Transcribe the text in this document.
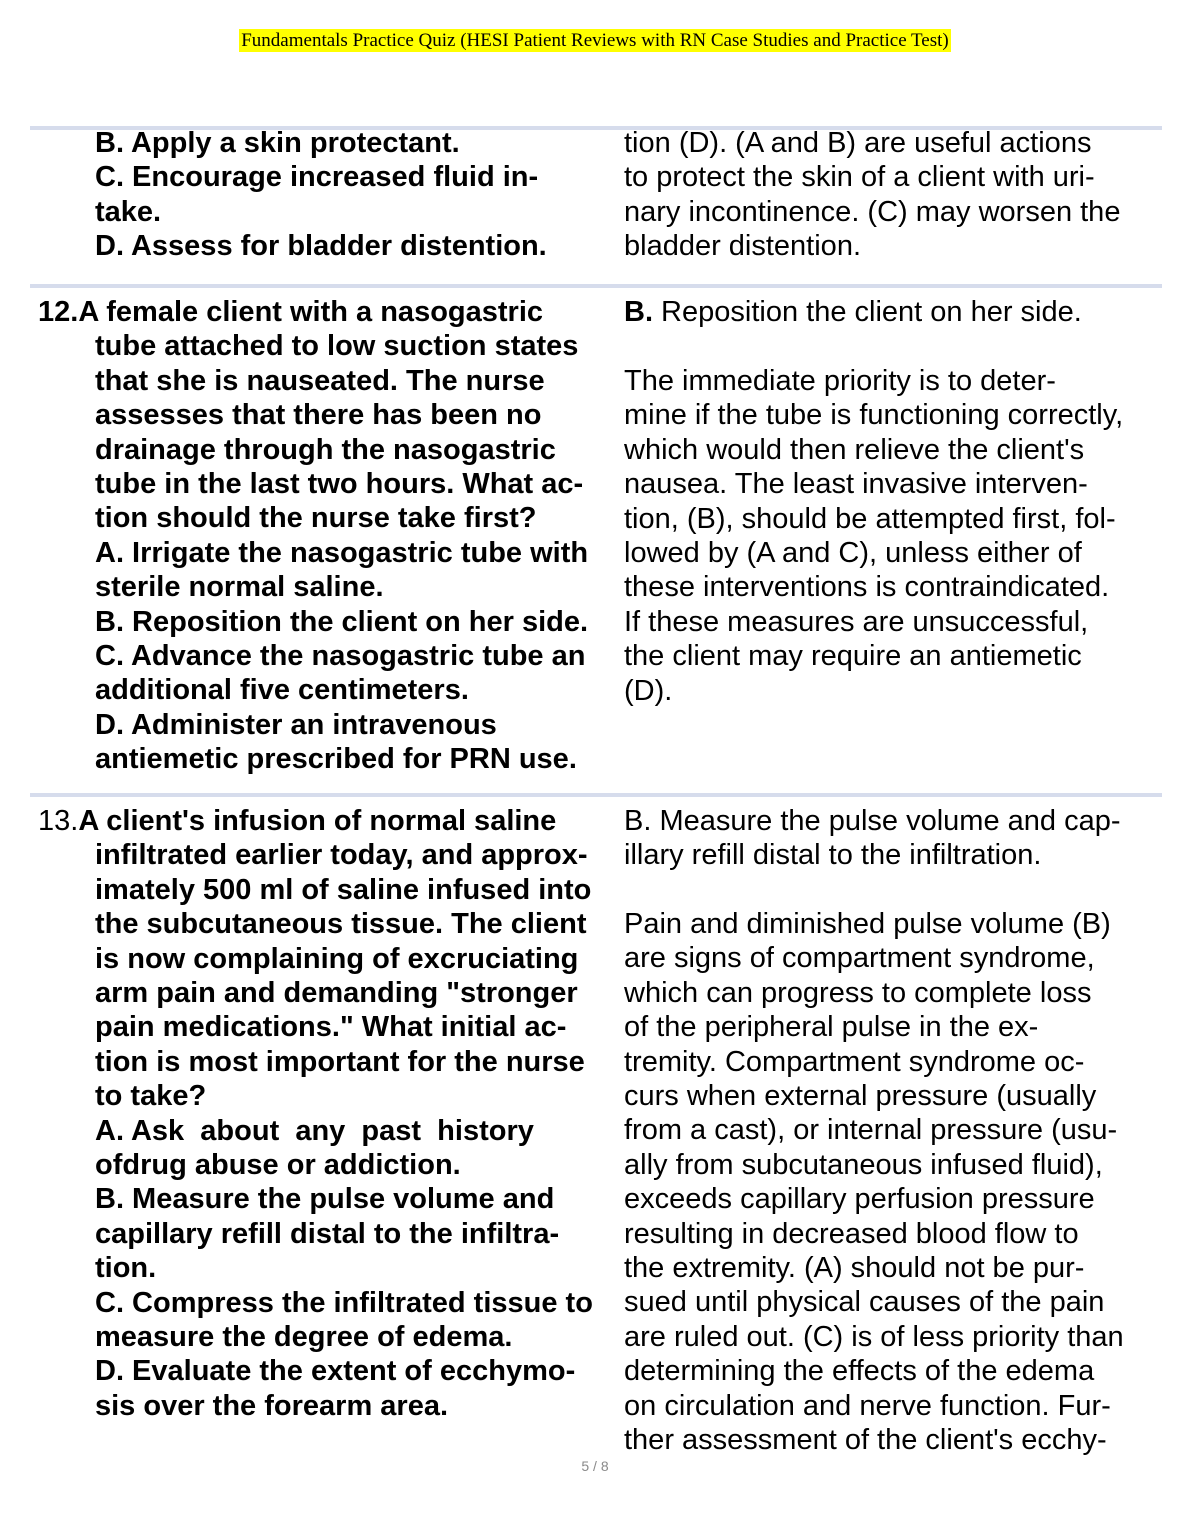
Fundamentals Practice Quiz (HESI Patient Reviews with RN Case Studies and Practice Test)
B. Apply a skin protectant.
C. Encourage increased fluid in-
take.
D. Assess for bladder distention.
tion (D). (A and B) are useful actions
to protect the skin of a client with uri-
nary incontinence. (C) may worsen the
bladder distention.
12.A female client with a nasogastric
tube attached to low suction states
that she is nauseated. The nurse
assesses that there has been no
drainage through the nasogastric
tube in the last two hours. What ac-
tion should the nurse take first?
A. Irrigate the nasogastric tube with
sterile normal saline.
B. Reposition the client on her side.
C. Advance the nasogastric tube an
additional five centimeters.
D. Administer an intravenous
antiemetic prescribed for PRN use.
B. Reposition the client on her side.
The immediate priority is to deter-
mine if the tube is functioning correctly,
which would then relieve the client's
nausea. The least invasive interven-
tion, (B), should be attempted first, fol-
lowed by (A and C), unless either of
these interventions is contraindicated.
If these measures are unsuccessful,
the client may require an antiemetic
(D).
13.A client's infusion of normal saline
infiltrated earlier today, and approx-
imately 500 ml of saline infused into
the subcutaneous tissue. The client
is now complaining of excruciating
arm pain and demanding "stronger
pain medications." What initial ac-
tion is most important for the nurse
to take?
A. Ask  about  any  past  history
ofdrug abuse or addiction.
B. Measure the pulse volume and
capillary refill distal to the infiltra-
tion.
C. Compress the infiltrated tissue to
measure the degree of edema.
D. Evaluate the extent of ecchymo-
sis over the forearm area.
B. Measure the pulse volume and cap-
illary refill distal to the infiltration.
Pain and diminished pulse volume (B)
are signs of compartment syndrome,
which can progress to complete loss
of the peripheral pulse in the ex-
tremity. Compartment syndrome oc-
curs when external pressure (usually
from a cast), or internal pressure (usu-
ally from subcutaneous infused fluid),
exceeds capillary perfusion pressure
resulting in decreased blood flow to
the extremity. (A) should not be pur-
sued until physical causes of the pain
are ruled out. (C) is of less priority than
determining the effects of the edema
on circulation and nerve function. Fur-
ther assessment of the client's ecchy-
5 / 8
